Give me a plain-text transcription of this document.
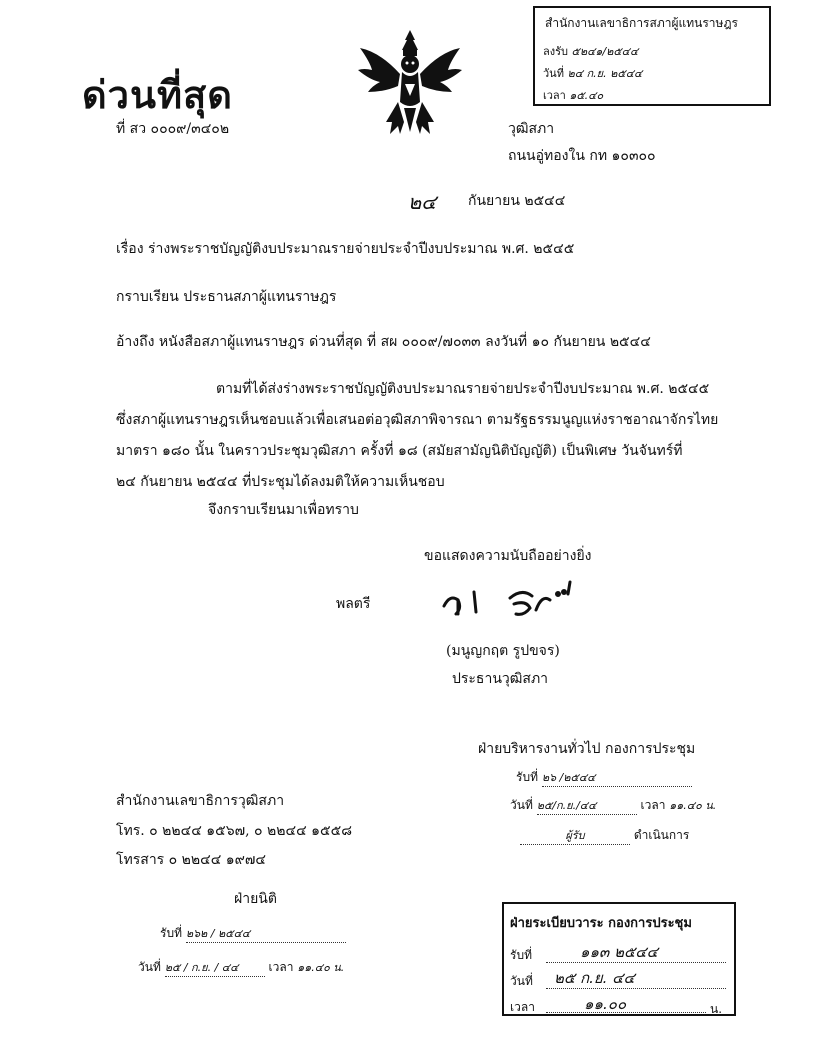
สำนักงานเลขาธิการสภาผู้แทนราษฎร
ลงรับ ๕๒๔๑/๒๕๔๔
วันที่ ๒๔ ก.ย. ๒๕๔๔
เวลา ๑๕.๔๐
ด่วนที่สุด
ที่ สว ๐๐๐๙/๓๔๐๒	วุฒิสภา
ถนนอู่ทองใน กท ๑๐๓๐๐
๒๔ กันยายน ๒๕๔๔
เรื่อง ร่างพระราชบัญญัติงบประมาณรายจ่ายประจำปีงบประมาณ พ.ศ. ๒๕๔๕
กราบเรียน ประธานสภาผู้แทนราษฎร
อ้างถึง หนังสือสภาผู้แทนราษฎร ด่วนที่สุด ที่ สผ ๐๐๐๙/๗๐๓๓ ลงวันที่ ๑๐ กันยายน ๒๕๔๔

ตามที่ได้ส่งร่างพระราชบัญญัติงบประมาณรายจ่ายประจำปีงบประมาณ พ.ศ. ๒๕๔๕

ซึ่งสภาผู้แทนราษฎรเห็นชอบแล้วเพื่อเสนอต่อวุฒิสภาพิจารณา ตามรัฐธรรมนูญแห่งราชอาณาจักรไทย

มาตรา ๑๘๐ นั้น ในคราวประชุมวุฒิสภา ครั้งที่ ๑๘ (สมัยสามัญนิติบัญญัติ) เป็นพิเศษ วันจันทร์ที่

๒๔ กันยายน ๒๕๔๔ ที่ประชุมได้ลงมติให้ความเห็นชอบ

จึงกราบเรียนมาเพื่อทราบ
ขอแสดงความนับถืออย่างยิ่ง
พลตรี
(มนูญกฤต รูปขจร)
ประธานวุฒิสภา
ฝ่ายบริหารงานทั่วไป กองการประชุม
รับที่ ๒๖ /๒๕๔๔
วันที่ ๒๕/ก.ย./๔๔	เวลา ๑๑.๔๐ น.
ผู้รับ	ดำเนินการ
สำนักงานเลขาธิการวุฒิสภา
โทร. ๐ ๒๒๔๔ ๑๕๖๗, ๐ ๒๒๔๔ ๑๕๕๘
โทรสาร ๐ ๒๒๔๔ ๑๙๗๔
ฝ่ายนิติ
รับที่ ๒๖๒ / ๒๕๔๔
วันที่ ๒๕ / ก.ย. / ๔๔	เวลา ๑๑.๔๐ น.
ฝ่ายระเบียบวาระ กองการประชุม
รับที่	๑๑๓ ๒๕๔๔
วันที่ ๒๕ ก.ย. ๔๔
เวลา	๑๑.๐๐	น.
